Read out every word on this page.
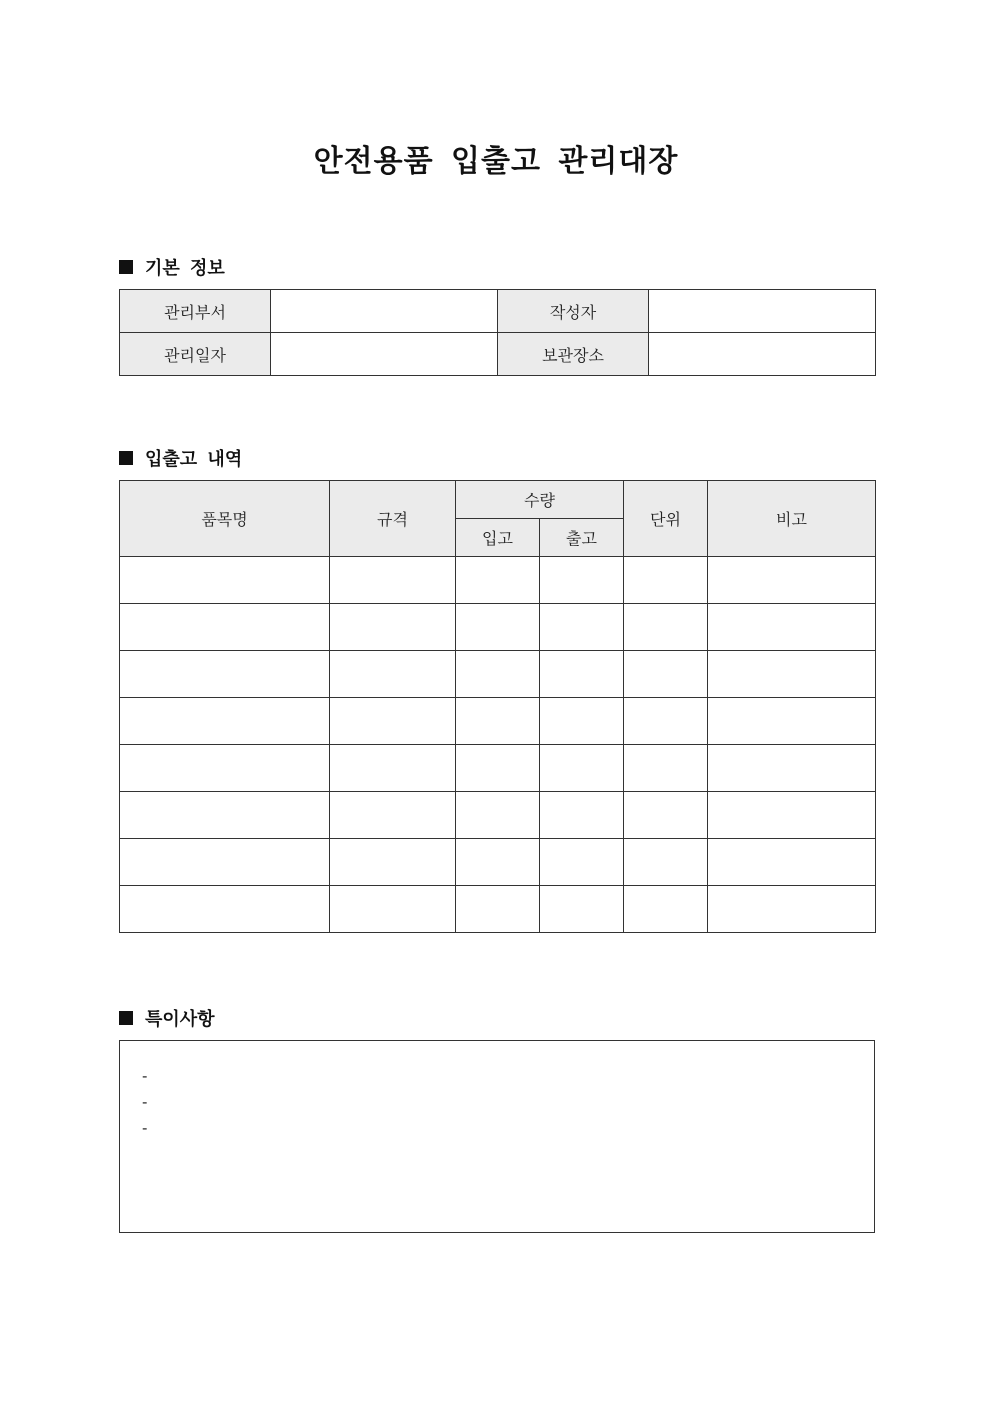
안전용품 입출고 관리대장
기본 정보
관리부서		작성자	
관리일자		보관장소	
입출고 내역
품목명	규격	수량		단위	비고
		입고	출고		

특이사항
-
-
-
